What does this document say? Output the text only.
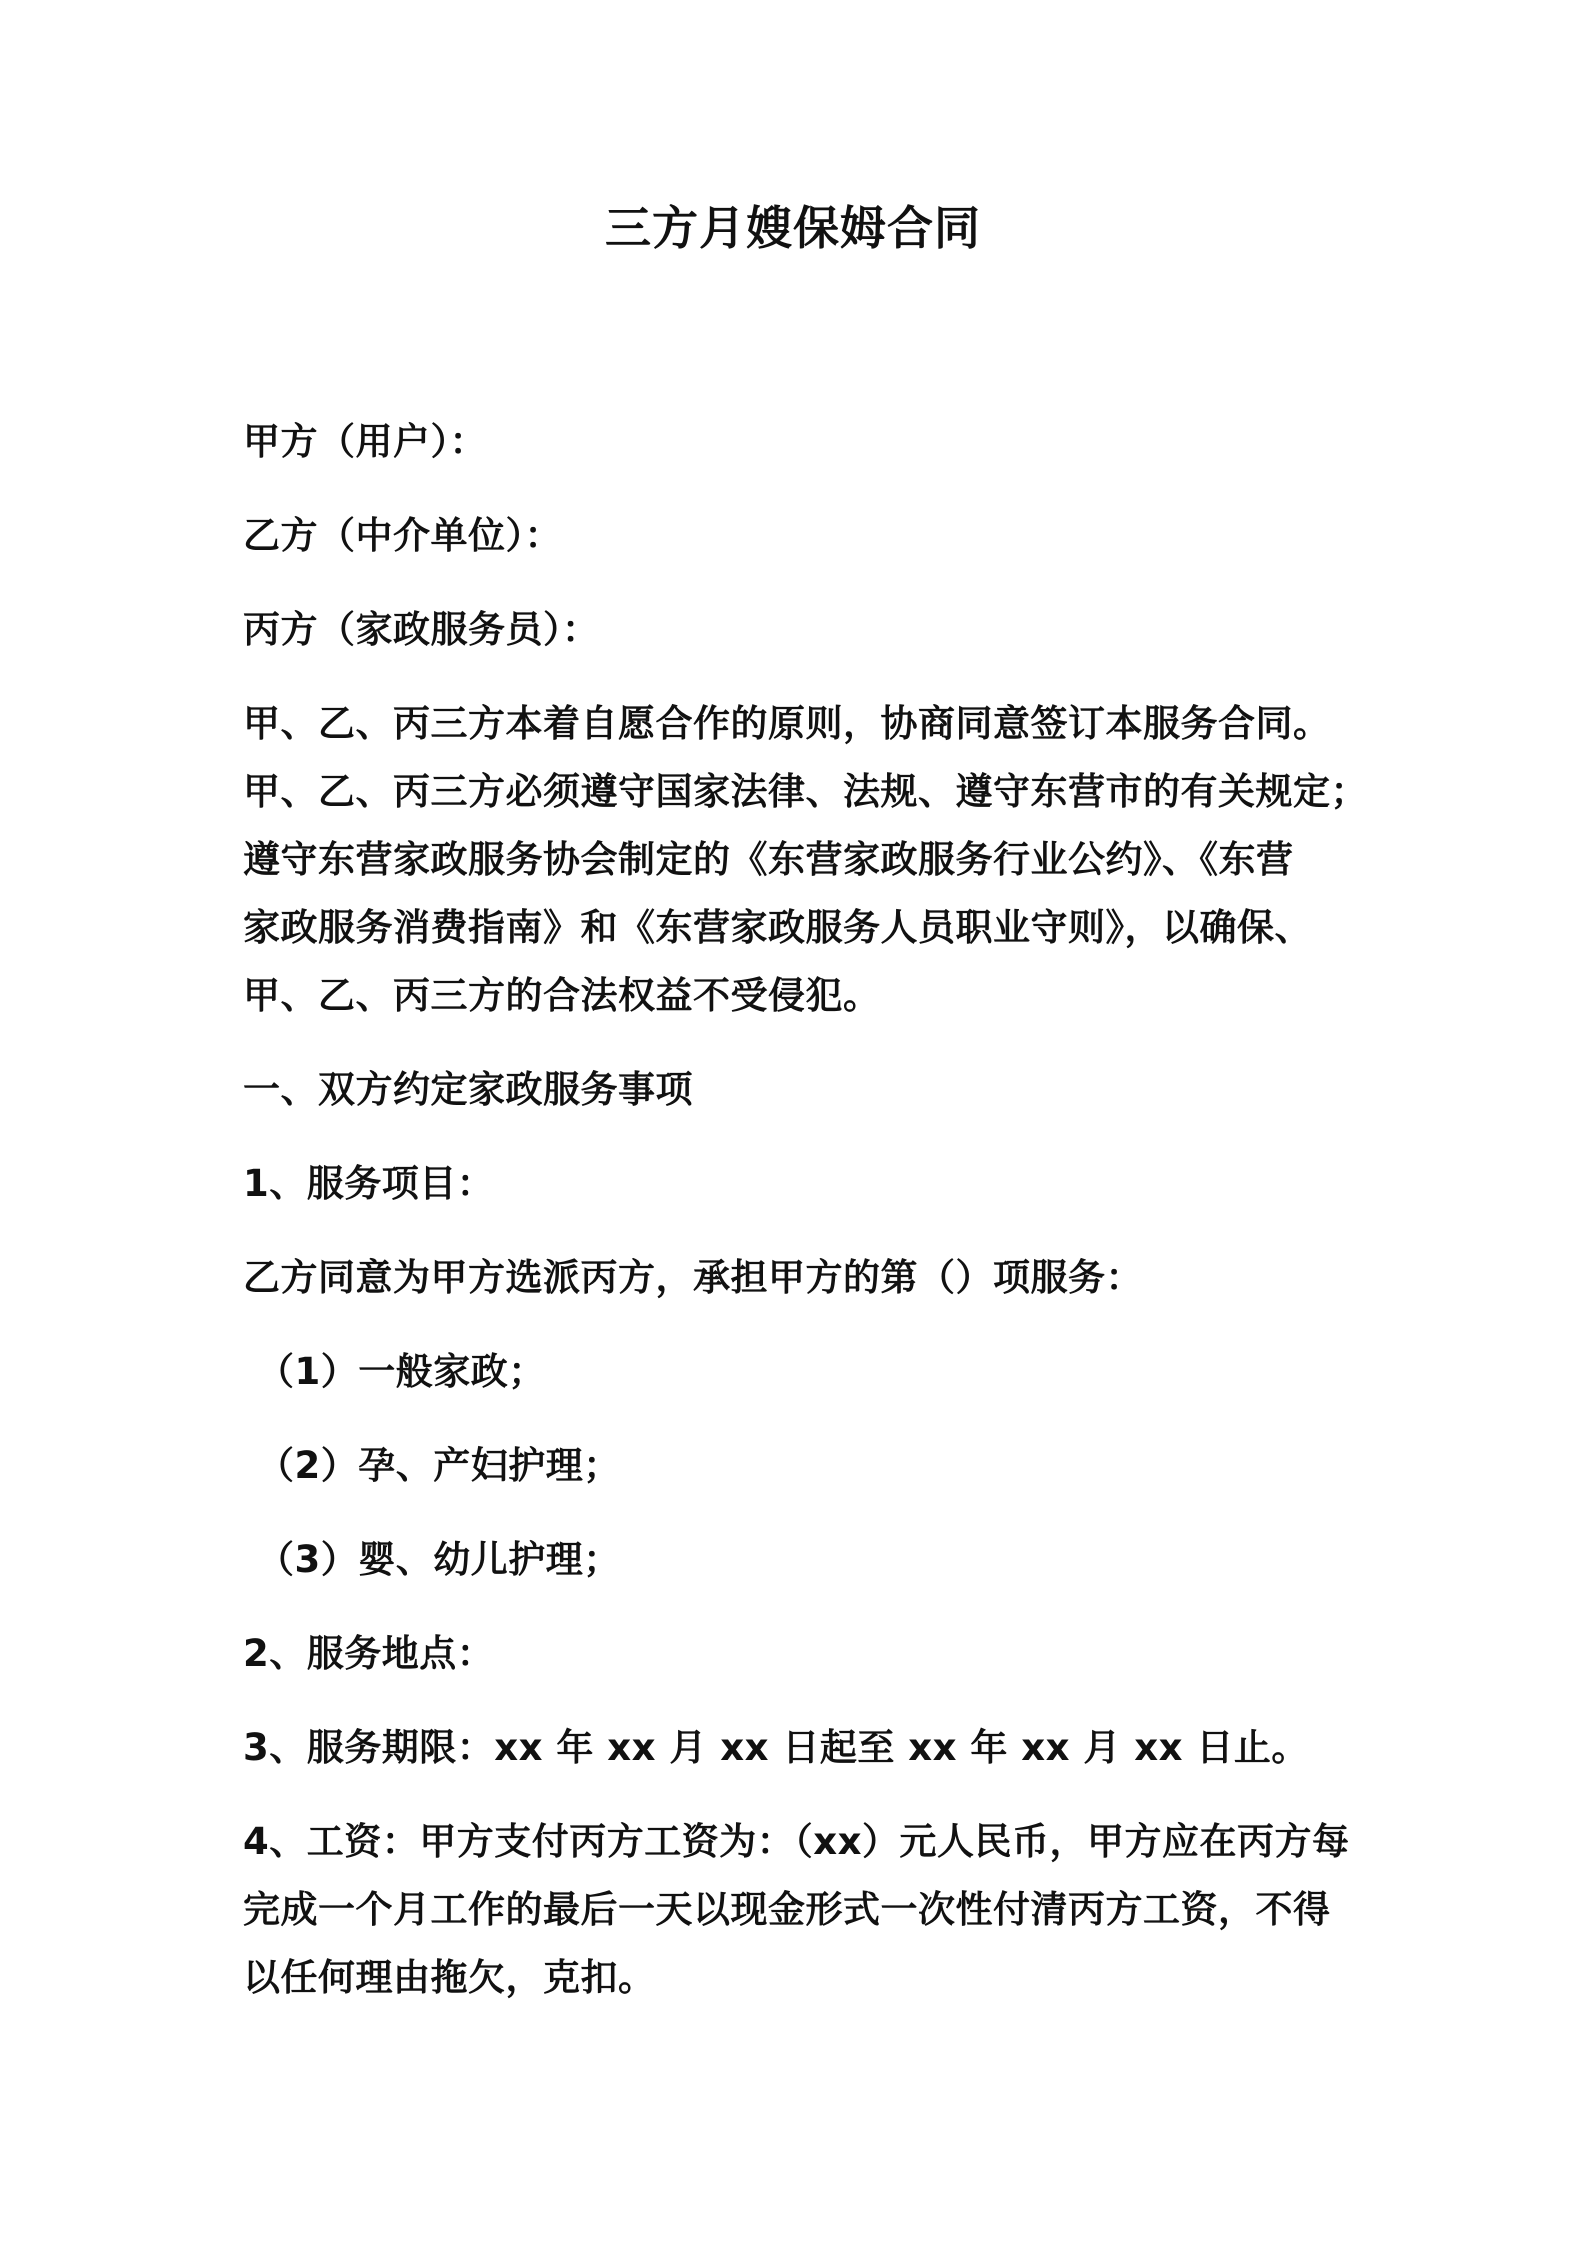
三方月嫂保姆合同

甲方（用户）：

乙方（中介单位）：

丙方（家政服务员）：

甲、乙、丙三方本着自愿合作的原则，协商同意签订本服务合同。
甲、乙、丙三方必须遵守国家法律、法规、遵守东营市的有关规定；
遵守东营家政服务协会制定的《东营家政服务行业公约》、《东营
家政服务消费指南》和《东营家政服务人员职业守则》，以确保、
甲、乙、丙三方的合法权益不受侵犯。

一、双方约定家政服务事项

1、服务项目：

乙方同意为甲方选派丙方，承担甲方的第（）项服务：

（1）一般家政；

（2）孕、产妇护理；

（3）婴、幼儿护理；

2、服务地点：

3、服务期限：xx 年 xx 月 xx 日起至 xx 年 xx 月 xx 日止。

4、工资：甲方支付丙方工资为：（xx）元人民币，甲方应在丙方每
完成一个月工作的最后一天以现金形式一次性付清丙方工资，不得
以任何理由拖欠，克扣。
